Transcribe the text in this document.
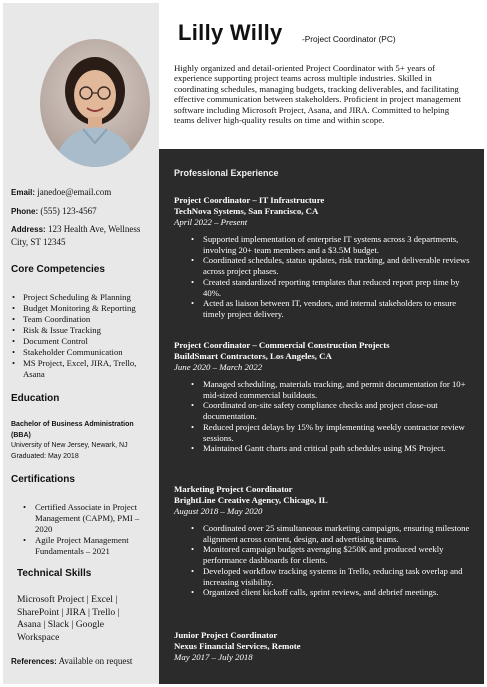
Email: janedoe@email.com
Phone: (555) 123-4567
Address: 123 Health Ave, Wellness City, ST 12345
Core Competencies
• Project Scheduling & Planning
• Budget Monitoring & Reporting
• Team Coordination
• Risk & Issue Tracking
• Document Control
• Stakeholder Communication
• MS Project, Excel, JIRA, Trello, Asana
Education
Bachelor of Business Administration (BBA)
University of New Jersey, Newark, NJ
Graduated: May 2018
Certifications
• Certified Associate in Project Management (CAPM), PMI – 2020
• Agile Project Management Fundamentals – 2021
Technical Skills
Microsoft Project | Excel | SharePoint | JIRA | Trello | Asana | Slack | Google Workspace
References: Available on request
Lilly Willy -Project Coordinator (PC)
Highly organized and detail-oriented Project Coordinator with 5+ years of experience supporting project teams across multiple industries. Skilled in coordinating schedules, managing budgets, tracking deliverables, and facilitating effective communication between stakeholders. Proficient in project management software including Microsoft Project, Asana, and JIRA. Committed to helping teams deliver high-quality results on time and within scope.
Professional Experience
Project Coordinator – IT Infrastructure
TechNova Systems, San Francisco, CA
April 2022 – Present
• Supported implementation of enterprise IT systems across 3 departments, involving 20+ team members and a $3.5M budget.
• Coordinated schedules, status updates, risk tracking, and deliverable reviews across project phases.
• Created standardized reporting templates that reduced report prep time by 40%.
• Acted as liaison between IT, vendors, and internal stakeholders to ensure timely project delivery.
Project Coordinator – Commercial Construction Projects
BuildSmart Contractors, Los Angeles, CA
June 2020 – March 2022
• Managed scheduling, materials tracking, and permit documentation for 10+ mid-sized commercial buildouts.
• Coordinated on-site safety compliance checks and project close-out documentation.
• Reduced project delays by 15% by implementing weekly contractor review sessions.
• Maintained Gantt charts and critical path schedules using MS Project.
Marketing Project Coordinator
BrightLine Creative Agency, Chicago, IL
August 2018 – May 2020
• Coordinated over 25 simultaneous marketing campaigns, ensuring milestone alignment across content, design, and advertising teams.
• Monitored campaign budgets averaging $250K and produced weekly performance dashboards for clients.
• Developed workflow tracking systems in Trello, reducing task overlap and increasing visibility.
• Organized client kickoff calls, sprint reviews, and debrief meetings.
Junior Project Coordinator
Nexus Financial Services, Remote
May 2017 – July 2018
